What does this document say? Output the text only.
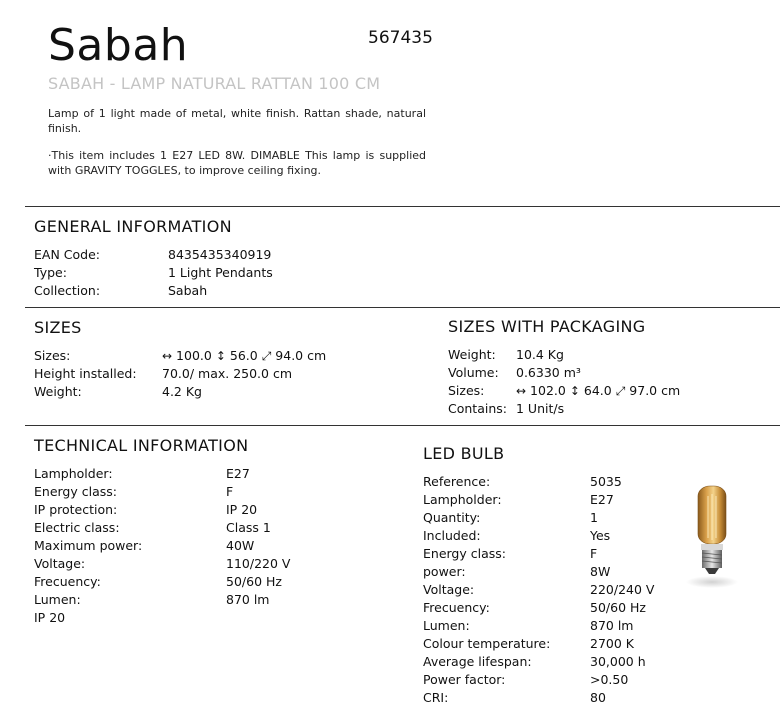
Sabah	567435
SABAH - LAMP NATURAL RATTAN 100 CM
Lamp of 1 light made of metal, white finish. Rattan shade, natural finish.
·This item includes 1 E27 LED 8W. DIMABLE This lamp is supplied with GRAVITY TOGGLES, to improve ceiling fixing.
GENERAL INFORMATION
EAN Code:	8435435340919
Type:	1 Light Pendants
Collection:	Sabah
SIZES
Sizes:	↔ 100.0 ↕ 56.0 ⤢ 94.0 cm
Height installed: 70.0/ max. 250.0 cm
Weight:	4.2 Kg
SIZES WITH PACKAGING
Weight: 10.4 Kg
Volume: 0.6330 m³
Sizes:	↔ 102.0 ↕ 64.0 ⤢ 97.0 cm
Contains: 1 Unit/s
TECHNICAL INFORMATION
Lampholder:	E27
Energy class:	F
IP protection:	IP 20
Electric class:	Class 1
Maximum power:	40W
Voltage:	110/220 V
Frecuency:	50/60 Hz
Lumen:	870 lm
IP 20
LED BULB
Reference:	5035
Lampholder:	E27
Quantity:	1
Included:	Yes
Energy class:	F
power:	8W
Voltage:	220/240 V
Frecuency:	50/60 Hz
Lumen:	870 lm
Colour temperature:	2700 K
Average lifespan:	30,000 h
Power factor:	>0.50
CRI:	80
